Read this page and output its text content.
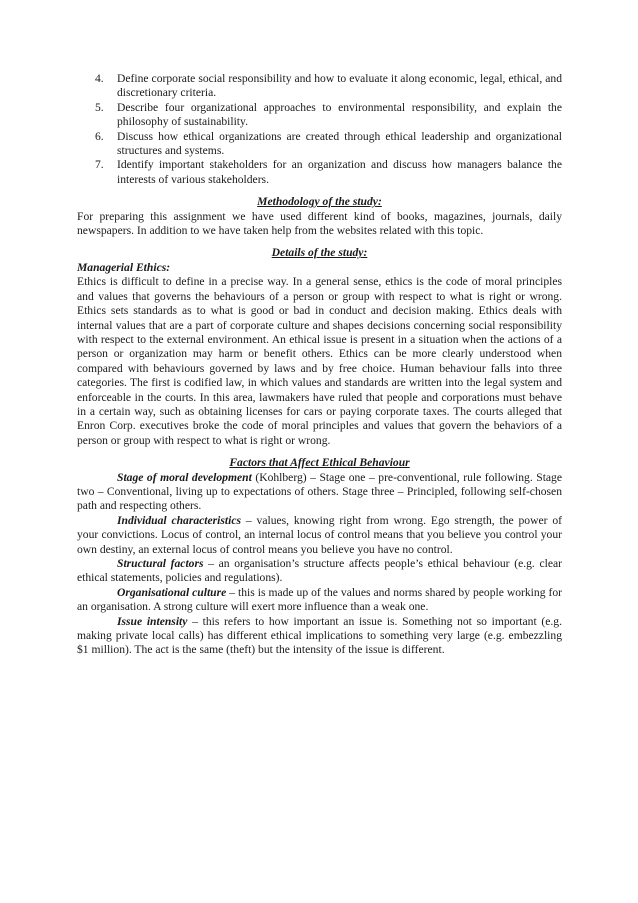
4. Define corporate social responsibility and how to evaluate it along economic, legal, ethical, and discretionary criteria.
5. Describe four organizational approaches to environmental responsibility, and explain the philosophy of sustainability.
6. Discuss how ethical organizations are created through ethical leadership and organizational structures and systems.
7. Identify important stakeholders for an organization and discuss how managers balance the interests of various stakeholders.
Methodology of the study:

For preparing this assignment we have used different kind of books, magazines, journals, daily newspapers. In addition to we have taken help from the websites related with this topic.

Details of the study:
Managerial Ethics:

Ethics is difficult to define in a precise way. In a general sense, ethics is the code of moral principles and values that governs the behaviours of a person or group with respect to what is right or wrong. Ethics sets standards as to what is good or bad in conduct and decision making. Ethics deals with internal values that are a part of corporate culture and shapes decisions concerning social responsibility with respect to the external environment. An ethical issue is present in a situation when the actions of a person or organization may harm or benefit others. Ethics can be more clearly understood when compared with behaviours governed by laws and by free choice. Human behaviour falls into three categories. The first is codified law, in which values and standards are written into the legal system and enforceable in the courts. In this area, lawmakers have ruled that people and corporations must behave in a certain way, such as obtaining licenses for cars or paying corporate taxes. The courts alleged that Enron Corp. executives broke the code of moral principles and values that govern the behaviors of a person or group with respect to what is right or wrong.

Factors that Affect Ethical Behaviour

Stage of moral development (Kohlberg) – Stage one – pre-conventional, rule following. Stage two – Conventional, living up to expectations of others. Stage three – Principled, following self-chosen path and respecting others.

Individual characteristics – values, knowing right from wrong. Ego strength, the power of your convictions. Locus of control, an internal locus of control means that you believe you control your own destiny, an external locus of control means you believe you have no control.

Structural factors – an organisation’s structure affects people’s ethical behaviour (e.g. clear ethical statements, policies and regulations).

Organisational culture – this is made up of the values and norms shared by people working for an organisation. A strong culture will exert more influence than a weak one.

Issue intensity – this refers to how important an issue is. Something not so important (e.g. making private local calls) has different ethical implications to something very large (e.g. embezzling $1 million). The act is the same (theft) but the intensity of the issue is different.
